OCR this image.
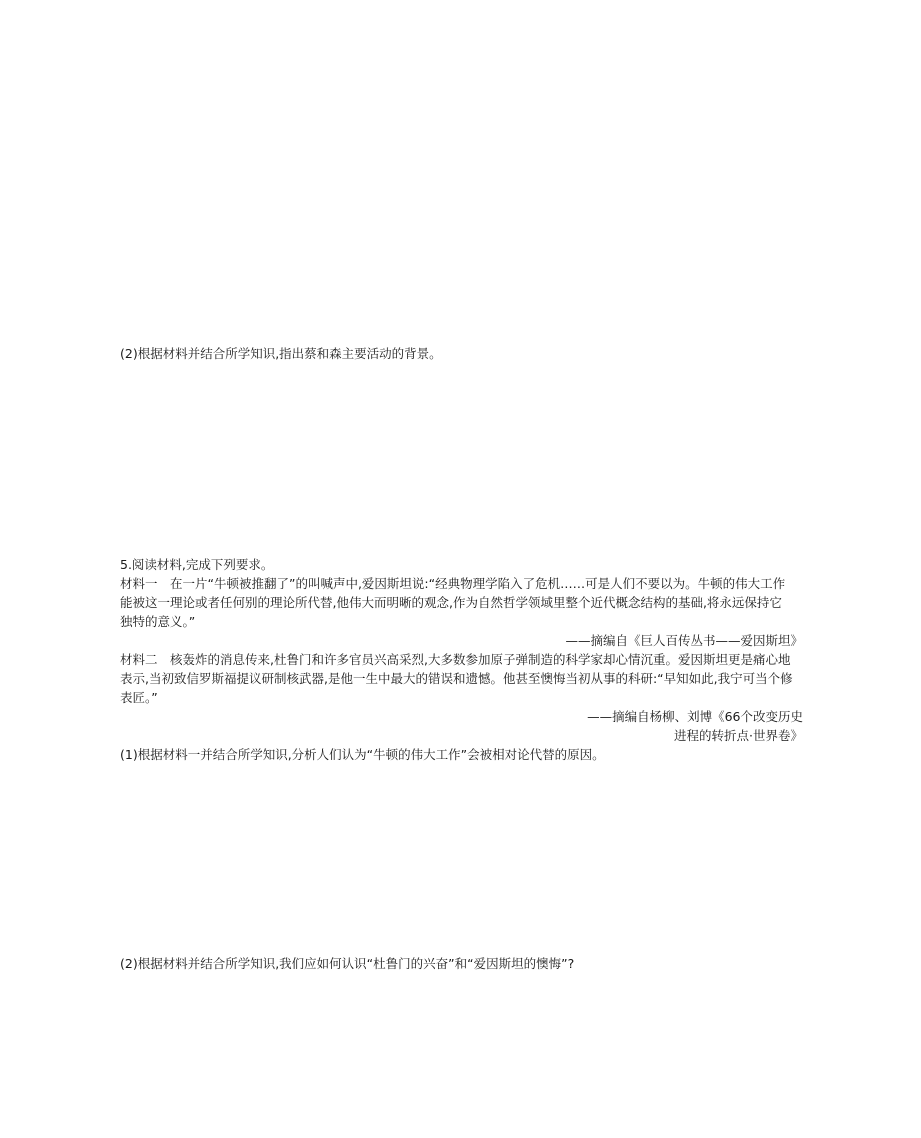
(2)根据材料并结合所学知识,指出蔡和森主要活动的背景。
5.阅读材料,完成下列要求。
材料一　在一片“牛顿被推翻了”的叫喊声中,爱因斯坦说:“经典物理学陷入了危机……可是人们不要以为。牛顿的伟大工作
能被这一理论或者任何别的理论所代替,他伟大而明晰的观念,作为自然哲学领域里整个近代概念结构的基础,将永远保持它
独特的意义。”
——摘编自《巨人百传丛书——爱因斯坦》
材料二　核轰炸的消息传来,杜鲁门和许多官员兴高采烈,大多数参加原子弹制造的科学家却心情沉重。爱因斯坦更是痛心地
表示,当初致信罗斯福提议研制核武器,是他一生中最大的错误和遗憾。他甚至懊悔当初从事的科研:“早知如此,我宁可当个修
表匠。”
——摘编自杨柳、刘博《66个改变历史
进程的转折点·世界卷》
(1)根据材料一并结合所学知识,分析人们认为“牛顿的伟大工作”会被相对论代替的原因。
(2)根据材料并结合所学知识,我们应如何认识“杜鲁门的兴奋”和“爱因斯坦的懊悔”?
